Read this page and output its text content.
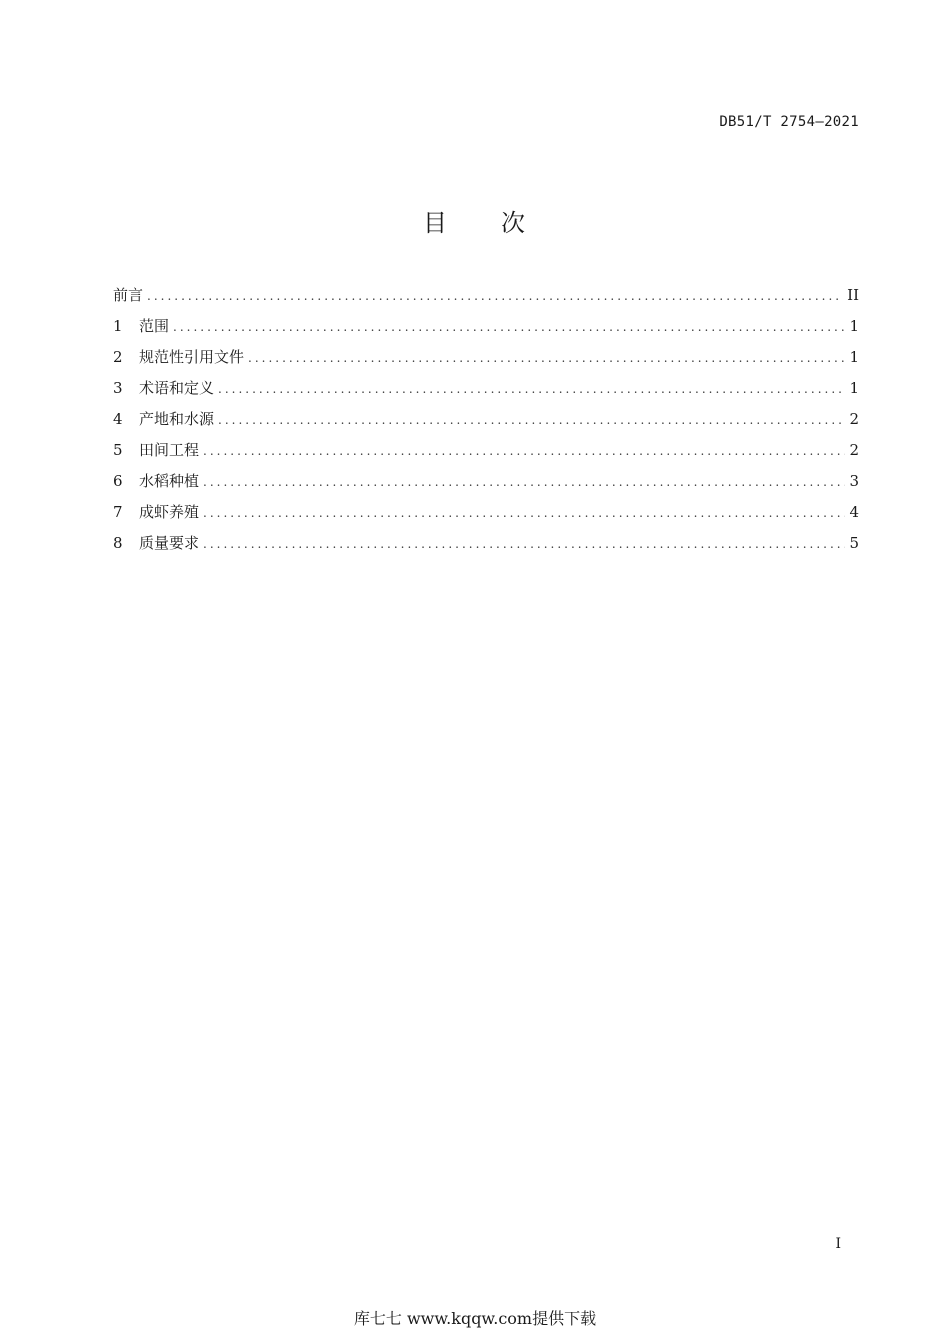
DB51/T 2754—2021
目 次
前言 .....	II
1	范围 .....	1
2	规范性引用文件 .....	1
3	术语和定义 .....	1
4	产地和水源 .....	2
5	田间工程 .....	2
6	水稻种植 .....	3
7	成虾养殖 .....	4
8	质量要求 .....	5
I
库七七 www.kqqw.com提供下载
